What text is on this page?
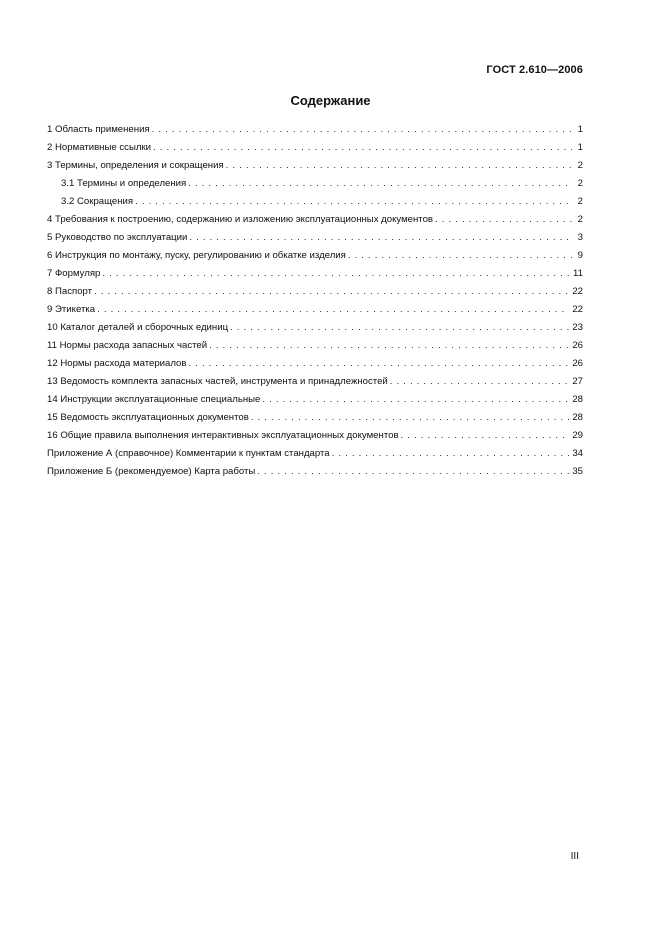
ГОСТ 2.610—2006
Содержание
1 Область применения . . .	1
2 Нормативные ссылки . . .	1
3 Термины, определения и сокращения . . .	2
3.1 Термины и определения . . .	2
3.2 Сокращения . . .	2
4 Требования к построению, содержанию и изложению эксплуатационных документов . . .	2
5 Руководство по эксплуатации . . .	3
6 Инструкция по монтажу, пуску, регулированию и обкатке изделия . . .	9
7 Формуляр . . .	11
8 Паспорт . . .	22
9 Этикетка . . .	22
10 Каталог деталей и сборочных единиц . . .	23
11 Нормы расхода запасных частей . . .	26
12 Нормы расхода материалов . . .	26
13 Ведомость комплекта запасных частей, инструмента и принадлежностей . . .	27
14 Инструкции эксплуатационные специальные . . .	28
15 Ведомость эксплуатационных документов . . .	28
16 Общие правила выполнения интерактивных эксплуатационных документов . . .	29
Приложение А (справочное) Комментарии к пунктам стандарта . . .	34
Приложение Б (рекомендуемое) Карта работы . . .	35
III
